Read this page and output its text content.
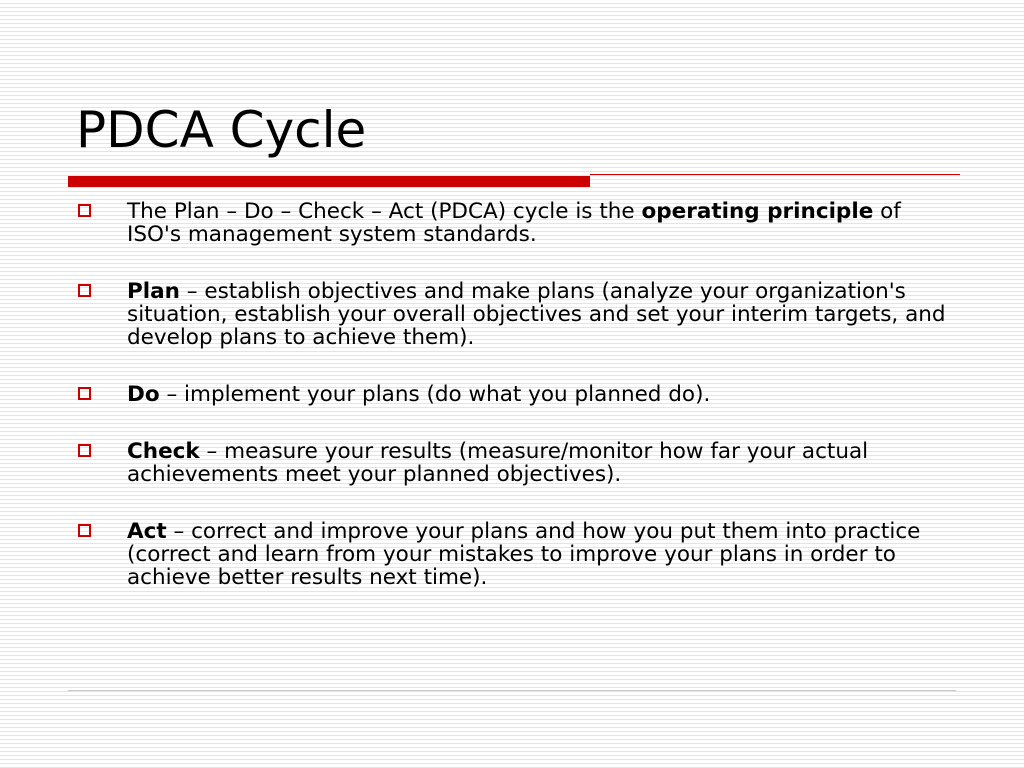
PDCA Cycle
The Plan – Do – Check – Act (PDCA) cycle is the operating principle of ISO's management system standards.
Plan – establish objectives and make plans (analyze your organization's situation, establish your overall objectives and set your interim targets, and develop plans to achieve them).
Do – implement your plans (do what you planned do).
Check – measure your results (measure/monitor how far your actual achievements meet your planned objectives).
Act – correct and improve your plans and how you put them into practice (correct and learn from your mistakes to improve your plans in order to achieve better results next time).
